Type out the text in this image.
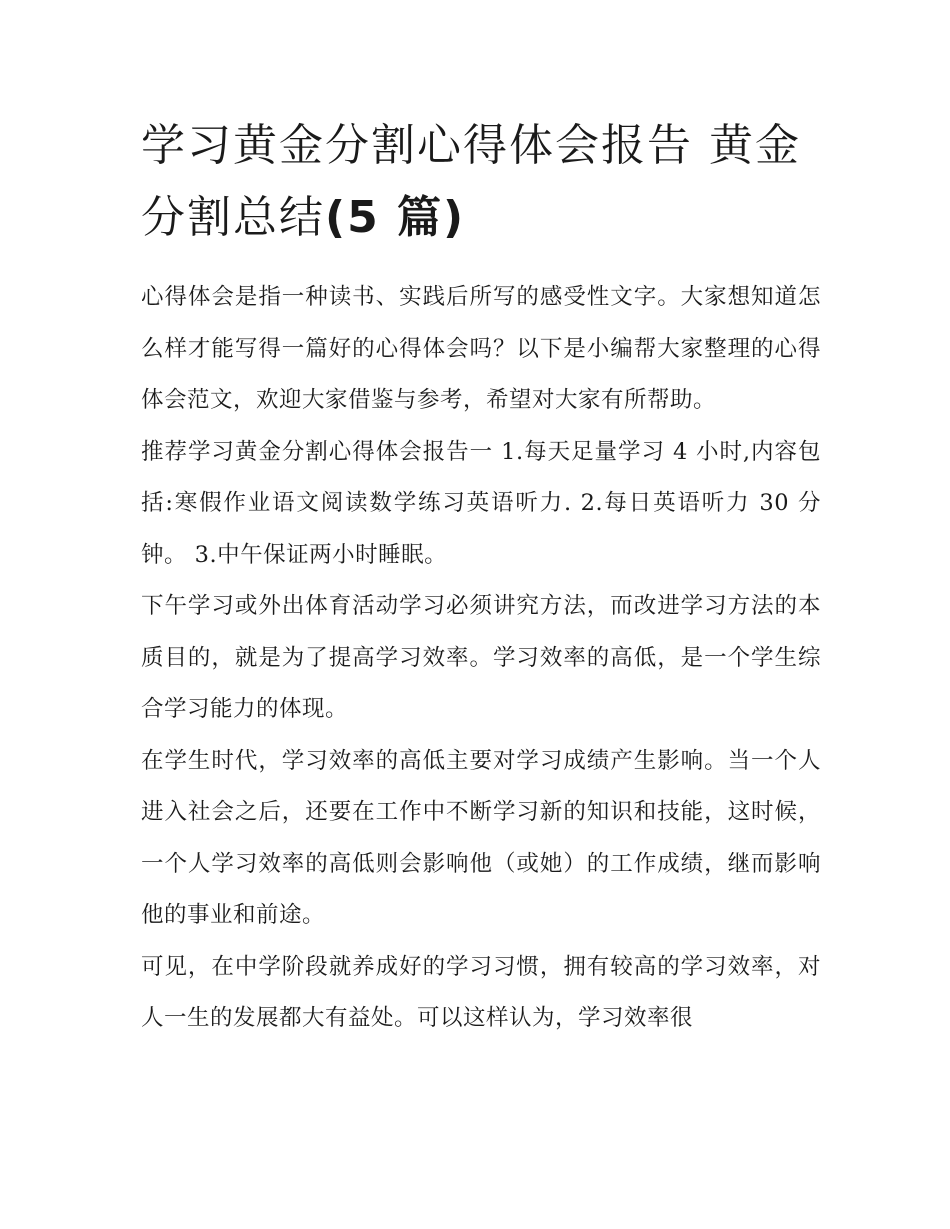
学习黄金分割心得体会报告 黄金分割总结(5 篇)

心得体会是指一种读书、实践后所写的感受性文字。大家想知道怎么样才能写得一篇好的心得体会吗？以下是小编帮大家整理的心得体会范文，欢迎大家借鉴与参考，希望对大家有所帮助。

推荐学习黄金分割心得体会报告一 1.每天足量学习 4 小时,内容包括:寒假作业语文阅读数学练习英语听力. 2.每日英语听力 30 分钟。 3.中午保证两小时睡眠。

下午学习或外出体育活动学习必须讲究方法，而改进学习方法的本质目的，就是为了提高学习效率。学习效率的高低，是一个学生综合学习能力的体现。

在学生时代，学习效率的高低主要对学习成绩产生影响。当一个人进入社会之后，还要在工作中不断学习新的知识和技能，这时候，一个人学习效率的高低则会影响他（或她）的工作成绩，继而影响他的事业和前途。

可见，在中学阶段就养成好的学习习惯，拥有较高的学习效率，对人一生的发展都大有益处。可以这样认为，学习效率很
